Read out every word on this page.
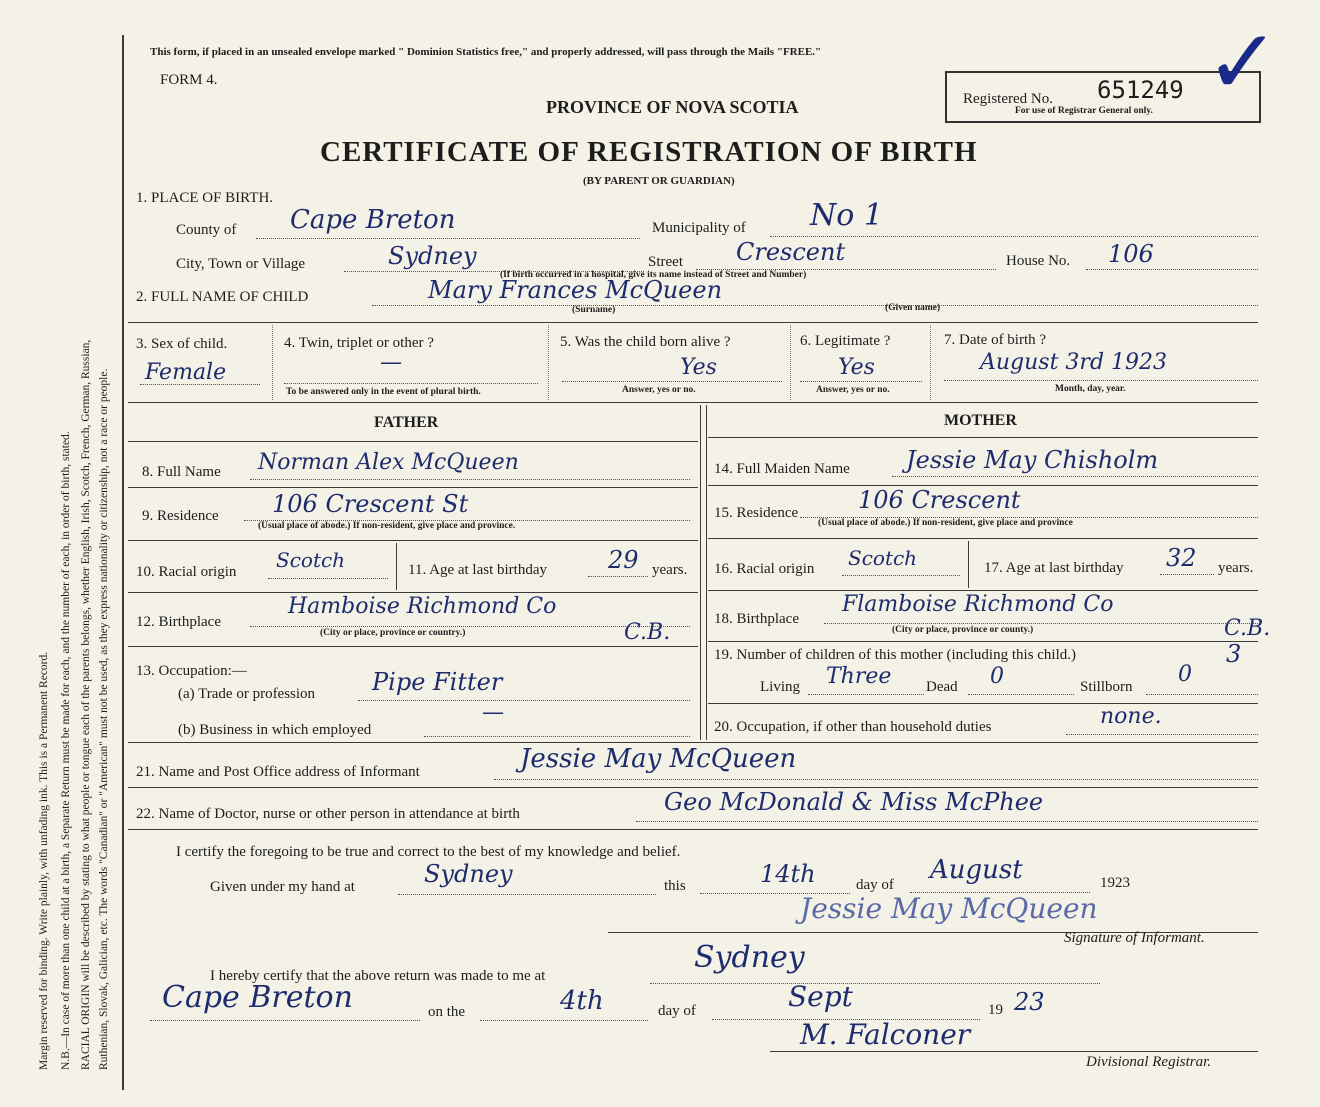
Margin reserved for binding. Write plainly, with unfading ink. This is a Permanent Record. N.B.—In case of more than one child at a birth, a Separate Return must be made for each, and the number of each, in order of birth, stated. RACIAL ORIGIN will be described by stating to what people or tongue each of the parents belongs, whether English, Irish, Scotch, French, German, Russian, Ruthenian, Slovak, Galician, etc. The words "Canadian" or "American" must not be used, as they express nationality or citizenship, not a race or people.
This form, if placed in an unsealed envelope marked " Dominion Statistics free," and properly addressed, will pass through the Mails "FREE."
FORM 4.
PROVINCE OF NOVA SCOTIA
CERTIFICATE OF REGISTRATION OF BIRTH
(BY PARENT OR GUARDIAN)
Registered No. 651249
For use of Registrar General only. ✓
1. PLACE OF BIRTH.
County of Cape Breton	Municipality of No 1
City, Town or Village	Sydney	Street Crescent
(If birth occurred in a hospital, give its name instead of Street and Number)
House No. 106
2. FULL NAME OF CHILD	Mary Frances McQueen
(Surname)	(Given name)
3. Sex of child.
Female
4. Twin, triplet or other ?
—
To be answered only in the event of plural birth.
5. Was the child born alive ?
Yes
Answer, yes or no.
6. Legitimate ?
Yes
Answer, yes or no.
7. Date of birth ?
August 3rd 1923
Month, day, year.
FATHER	MOTHER
8. Full Name Norman Alex McQueen
9. Residence 106 Crescent St
(Usual place of abode.) If non-resident, give place and province.
10. Racial origin Scotch	11. Age at last birthday	29 years.
12. Birthplace
Hamboise Richmond Co
C.B.
(City or place, province or country.)
13. Occupation:—
(a) Trade or profession Pipe Fitter
(b) Business in which employed
—
14. Full Maiden Name Jessie May Chisholm
15. Residence 106 Crescent
(Usual place of abode.) If non-resident, give place and province
16. Racial origin Scotch	17. Age at last birthday 32 years.
18. Birthplace
Flamboise Richmond Co
C.B.
(City or place, province or county.)
19. Number of children of this mother (including this child.)	3
Living Three Dead 0	Stillborn 0
20. Occupation, if other than household duties	none.
21. Name and Post Office address of Informant	Jessie May McQueen
22. Name of Doctor, nurse or other person in attendance at birth	Geo McDonald & Miss McPhee
I certify the foregoing to be true and correct to the best of my knowledge and belief.
Given under my hand at	Sydney	this	14th	day of August	1923
Jessie May McQueen
Signature of Informant.
I hereby certify that the above return was made to me at
Sydney
Cape Breton	on the	4th	day of	Sept	19 23
M. Falconer
Divisional Registrar.
